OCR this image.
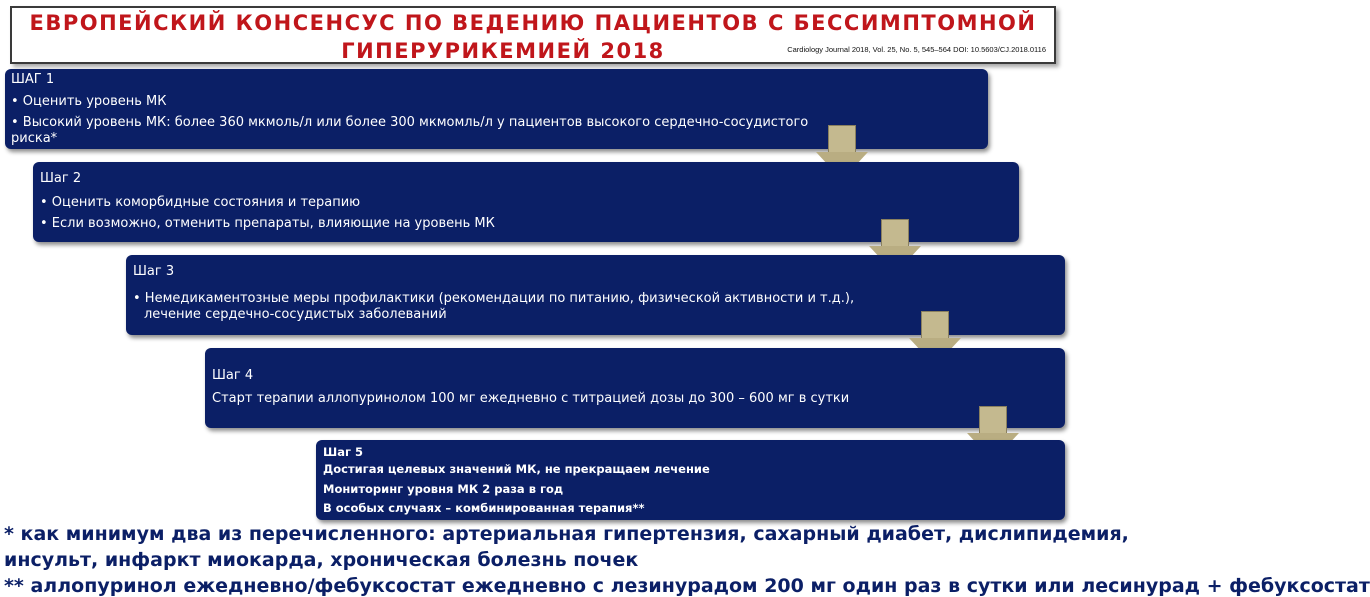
ЕВРОПЕЙСКИЙ КОНСЕНСУС ПО ВЕДЕНИЮ ПАЦИЕНТОВ С БЕССИМПТОМНОЙ
ГИПЕРУРИКЕМИЕЙ 2018	Cardiology Journal 2018, Vol. 25, No. 5, 545–564 DOI: 10.5603/CJ.2018.0116
ШАГ 1
• Оценить уровень МК
• Высокий уровень МК: более 360 мкмоль/л или более 300 мкмомль/л у пациентов высокого сердечно-сосудистого
риска*
Шаг 2
• Оценить коморбидные состояния и терапию
• Если возможно, отменить препараты, влияющие на уровень МК
Шаг 3
• Немедикаментозные меры профилактики (рекомендации по питанию, физической активности и т.д.),
лечение сердечно-сосудистых заболеваний
Шаг 4
Старт терапии аллопуринолом 100 мг ежедневно с титрацией дозы до 300 – 600 мг в сутки
Шаг 5
Достигая целевых значений МК, не прекращаем лечение
Мониторинг уровня МК 2 раза в год
В особых случаях – комбинированная терапия**
* как минимум два из перечисленного: артериальная гипертензия, сахарный диабет, дислипидемия,
инсульт, инфаркт миокарда, хроническая болезнь почек
** аллопуринол ежедневно/фебуксостат ежедневно с лезинурадом 200 мг один раз в сутки или лесинурад + фебуксостат
